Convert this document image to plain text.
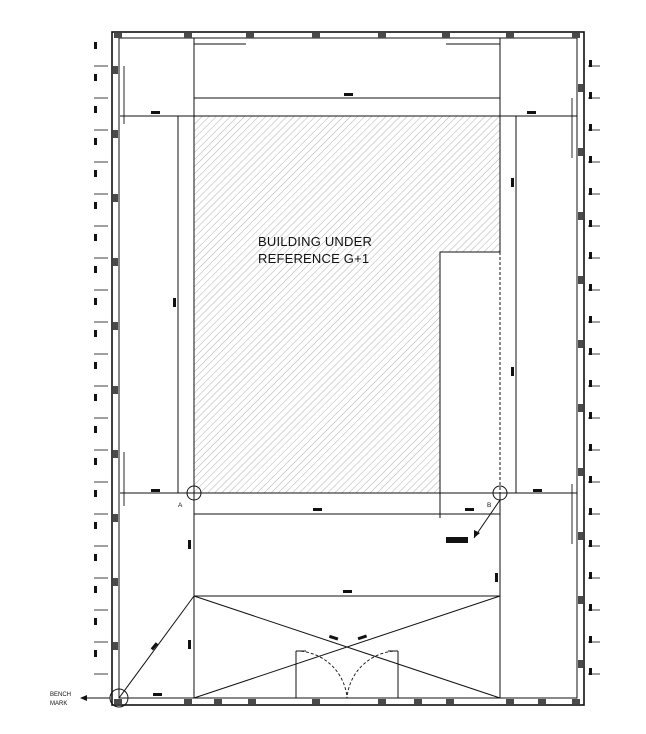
BUILDING UNDER
REFERENCE G+1
A	B
BENCH
MARK
